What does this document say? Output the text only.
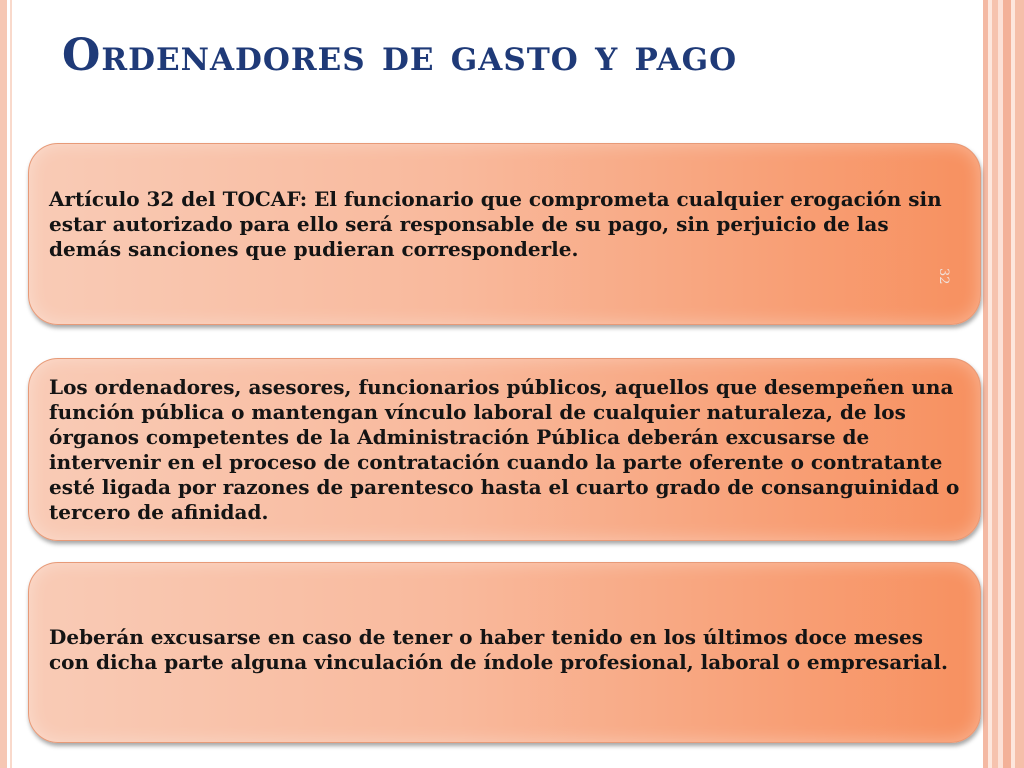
Ordenadores de gasto y pago

Artículo 32 del TOCAF: El funcionario que comprometa cualquier erogación sin estar autorizado para ello será responsable de su pago, sin perjuicio de las demás sanciones que pudieran corresponderle.

32

Los ordenadores, asesores, funcionarios públicos, aquellos que desempeñen una función pública o mantengan vínculo laboral de cualquier naturaleza, de los órganos competentes de la Administración Pública deberán excusarse de intervenir en el proceso de contratación cuando la parte oferente o contratante esté ligada por razones de parentesco hasta el cuarto grado de consanguinidad o tercero de afinidad.

Deberán excusarse en caso de tener o haber tenido en los últimos doce meses con dicha parte alguna vinculación de índole profesional, laboral o empresarial.
